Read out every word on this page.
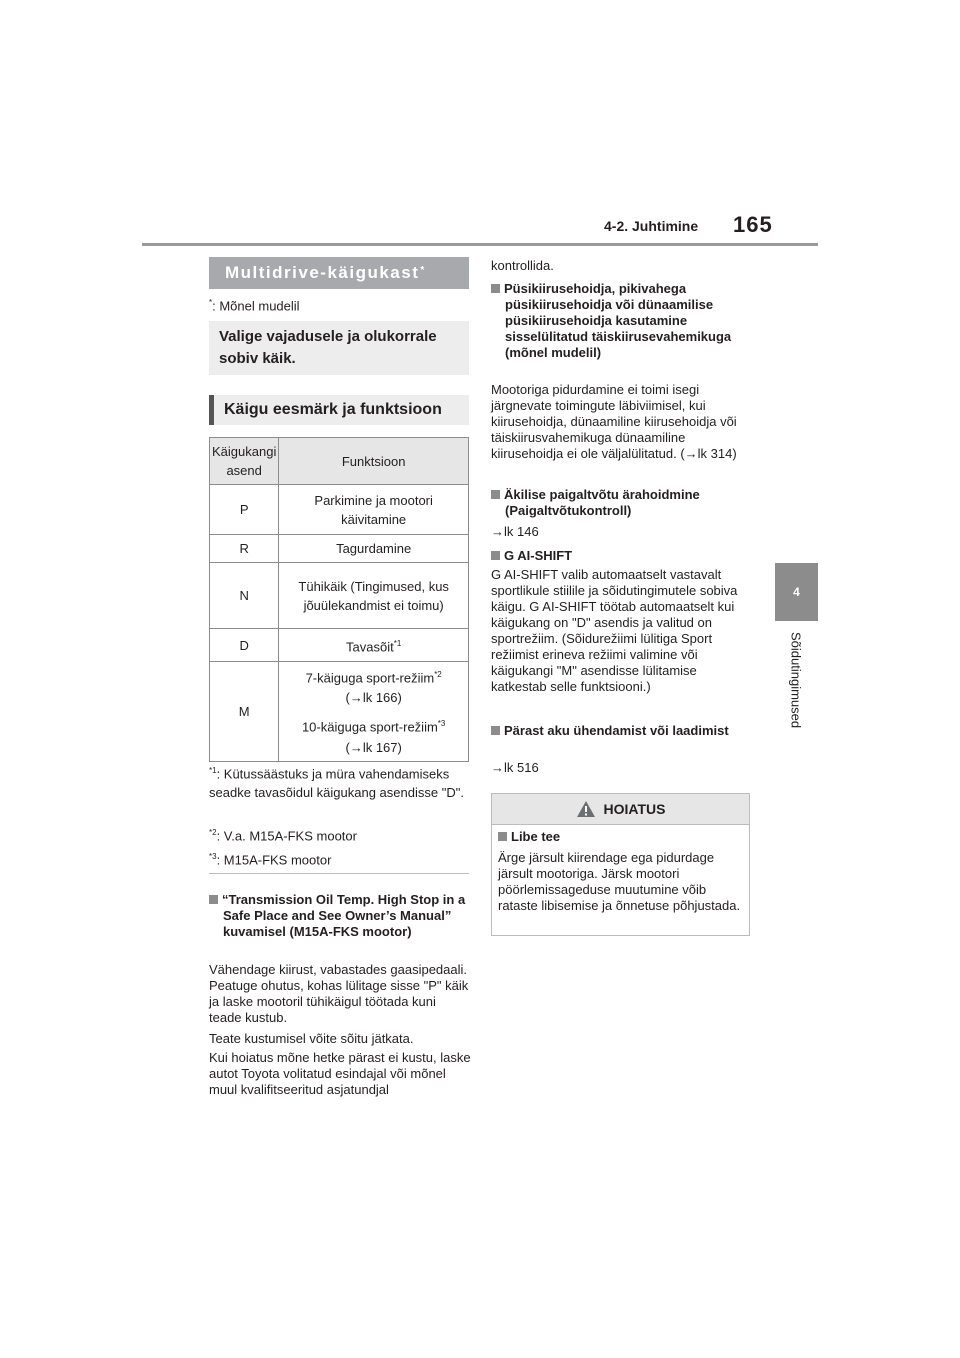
4-2. Juhtimine 165
4
Sõidutingimused
Multidrive-käigukast*
*: Mõnel mudelil
Valige vajadusele ja olukorrale sobiv käik.
Käigu eesmärk ja funktsioon
Käigukangi asend	Funktsioon
P	Parkimine ja mootori käivitamine
R	Tagurdamine
N	Tühikäik (Tingimused, kus jõuülekandmist ei toimu)
D	Tavasõit$^{*1}$
M	7-käiguga sport-režiim$^{*2}$
(→lk 166)
10-käiguga sport-režiim$^{*3}$
(→lk 167)
$^{*1}$: Kütussäästuks ja müra vahendamiseks seadke tavasõidul käigukang asendisse "D".
$^{*2}$: V.a. M15A-FKS mootor
$^{*3}$: M15A-FKS mootor
“Transmission Oil Temp. High Stop in a Safe Place and See Owner’s Manual” kuvamisel (M15A-FKS mootor)
Vähendage kiirust, vabastades gaasipedaali. Peatuge ohutus, kohas lülitage sisse "P" käik ja laske mootoril tühikäigul töötada kuni teade kustub.
Teate kustumisel võite sõitu jätkata.
Kui hoiatus mõne hetke pärast ei kustu, laske autot Toyota volitatud esindajal või mõnel muul kvalifitseeritud asjatundjal
kontrollida.
Püsikiirusehoidja, pikivahega püsikiirusehoidja või dünaamilise püsikiirusehoidja kasutamine sisselülitatud täiskiirusevahemikuga (mõnel mudelil)
Mootoriga pidurdamine ei toimi isegi järgnevate toimingute läbiviimisel, kui kiirusehoidja, dünaamiline kiirusehoidja või täiskiirusvahemikuga dünaamiline kiirusehoidja ei ole väljalülitatud. (→lk 314)
Äkilise paigaltvõtu ärahoidmine (Paigaltvõtukontroll)
→lk 146
G AI-SHIFT
G AI-SHIFT valib automaatselt vastavalt sportlikule stiilile ja sõidutingimutele sobiva käigu. G AI-SHIFT töötab automaatselt kui käigukang on "D" asendis ja valitud on sportrežiim. (Sõidurežiimi lülitiga Sport režiimist erineva režiimi valimine või käigukangi "M" asendisse lülitamise katkestab selle funktsiooni.)
Pärast aku ühendamist või laadimist
→lk 516
HOIATUS
Libe tee
Ärge järsult kiirendage ega pidurdage järsult mootoriga. Järsk mootori pöörlemissageduse muutumine võib rataste libisemise ja õnnetuse põhjustada.
